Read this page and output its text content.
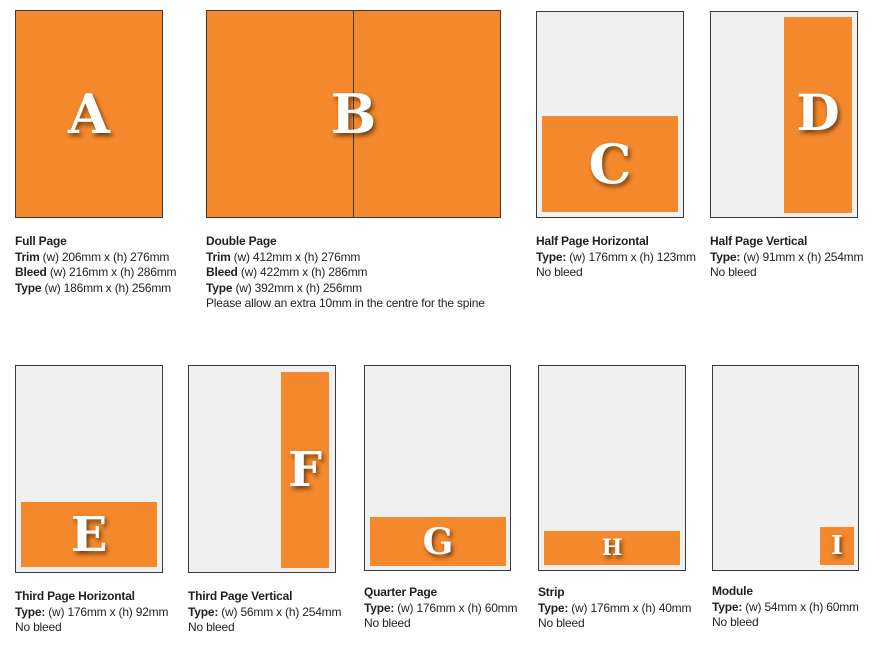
A
Full Page
Trim (w) 206mm x (h) 276mm
Bleed (w) 216mm x (h) 286mm
Type (w) 186mm x (h) 256mm
B
Double Page
Trim (w) 412mm x (h) 276mm
Bleed (w) 422mm x (h) 286mm
Type (w) 392mm x (h) 256mm
Please allow an extra 10mm in the centre for the spine
C
Half Page Horizontal
Type: (w) 176mm x (h) 123mm
No bleed
D
Half Page Vertical
Type: (w) 91mm x (h) 254mm
No bleed
E
Third Page Horizontal
Type: (w) 176mm x (h) 92mm
No bleed
F
Third Page Vertical
Type: (w) 56mm x (h) 254mm
No bleed
G
Quarter Page
Type: (w) 176mm x (h) 60mm
No bleed
H
Strip
Type: (w) 176mm x (h) 40mm
No bleed
I
Module
Type: (w) 54mm x (h) 60mm
No bleed
